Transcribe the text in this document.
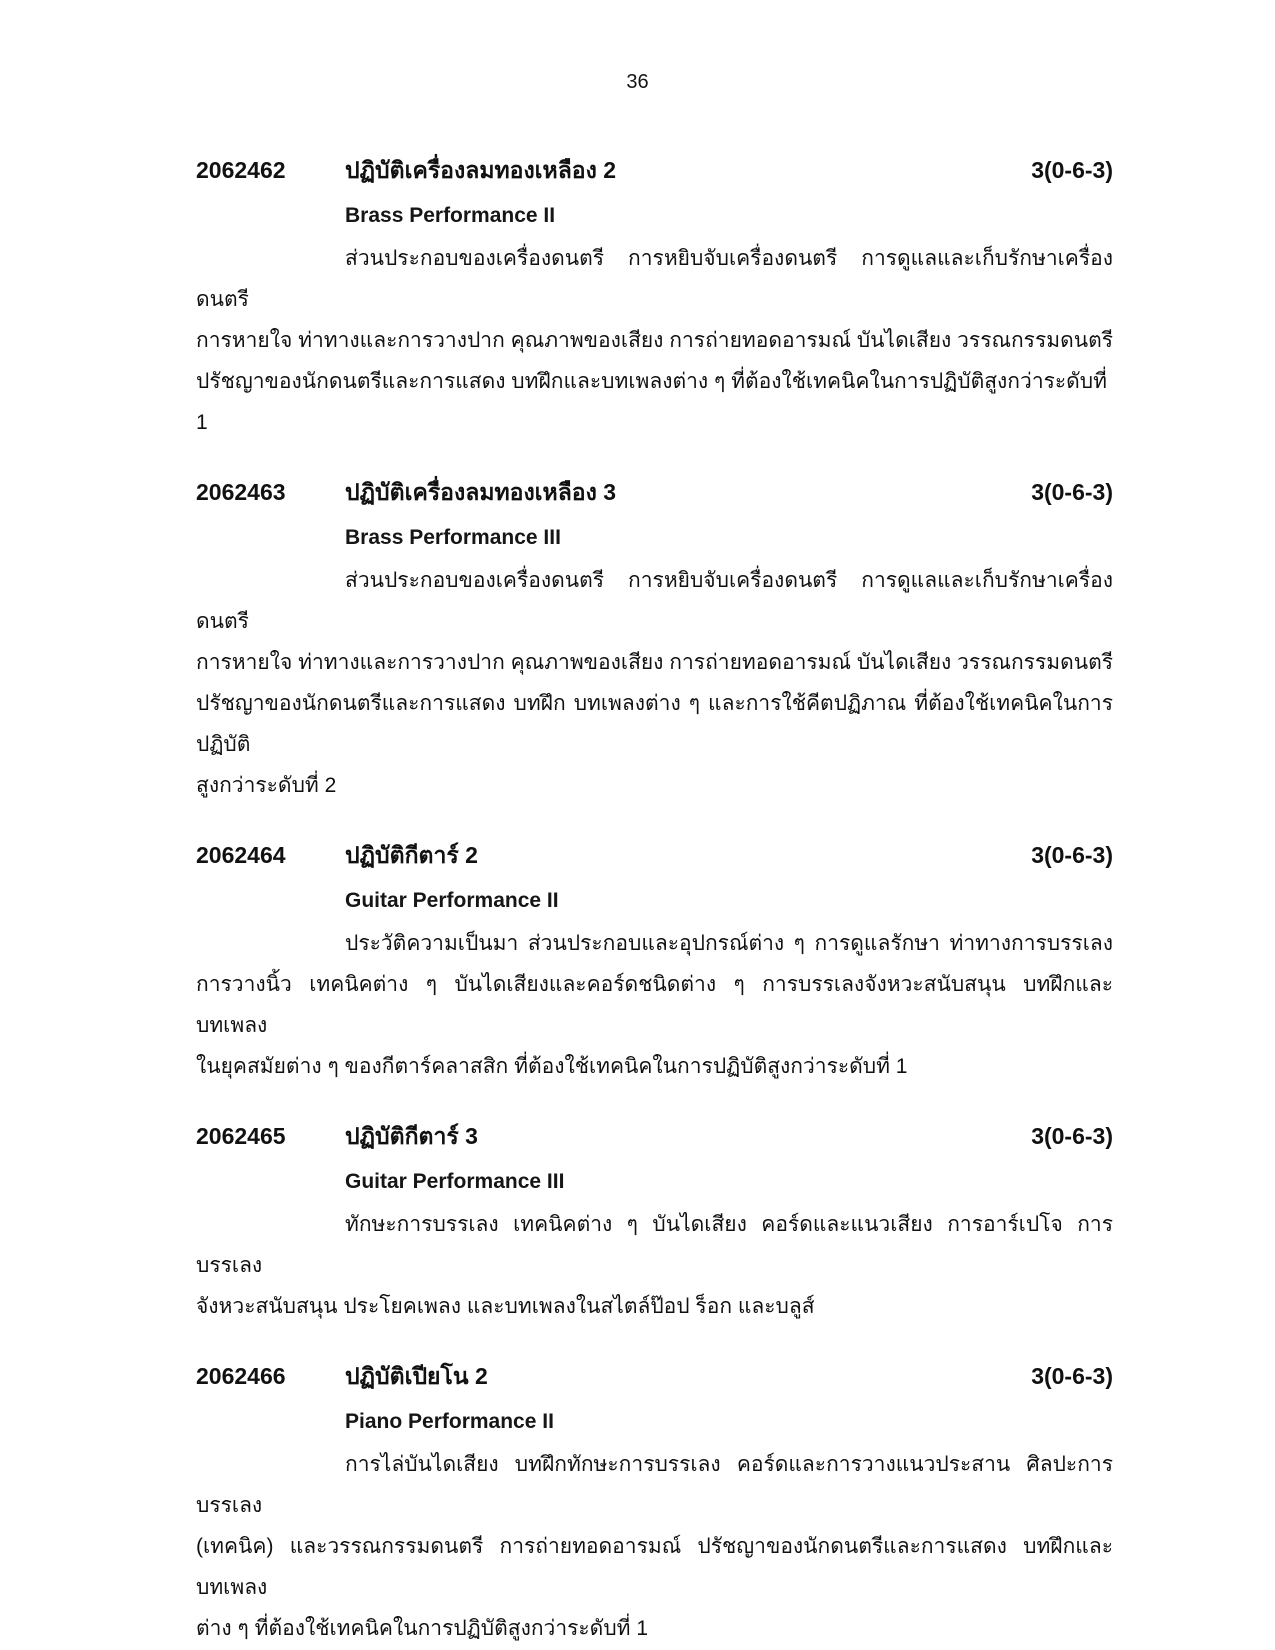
36
2062462	ปฏิบัติเครื่องลมทองเหลือง 2	3(0-6-3)
Brass Performance II
ส่วนประกอบของเครื่องดนตรี การหยิบจับเครื่องดนตรี การดูแลและเก็บรักษาเครื่องดนตรี
การหายใจ ท่าทางและการวางปาก คุณภาพของเสียง การถ่ายทอดอารมณ์ บันไดเสียง วรรณกรรมดนตรี
ปรัชญาของนักดนตรีและการแสดง บทฝึกและบทเพลงต่าง ๆ ที่ต้องใช้เทคนิคในการปฏิบัติสูงกว่าระดับที่ 1
2062463	ปฏิบัติเครื่องลมทองเหลือง 3	3(0-6-3)
Brass Performance III
ส่วนประกอบของเครื่องดนตรี การหยิบจับเครื่องดนตรี การดูแลและเก็บรักษาเครื่องดนตรี
การหายใจ ท่าทางและการวางปาก คุณภาพของเสียง การถ่ายทอดอารมณ์ บันไดเสียง วรรณกรรมดนตรี
ปรัชญาของนักดนตรีและการแสดง บทฝึก บทเพลงต่าง ๆ และการใช้คีตปฏิภาณ ที่ต้องใช้เทคนิคในการปฏิบัติ
สูงกว่าระดับที่ 2
2062464	ปฏิบัติกีตาร์ 2	3(0-6-3)
Guitar Performance II
ประวัติความเป็นมา ส่วนประกอบและอุปกรณ์ต่าง ๆ การดูแลรักษา ท่าทางการบรรเลง
การวางนิ้ว เทคนิคต่าง ๆ บันไดเสียงและคอร์ดชนิดต่าง ๆ การบรรเลงจังหวะสนับสนุน บทฝึกและบทเพลง
ในยุคสมัยต่าง ๆ ของกีตาร์คลาสสิก ที่ต้องใช้เทคนิคในการปฏิบัติสูงกว่าระดับที่ 1
2062465	ปฏิบัติกีตาร์ 3	3(0-6-3)
Guitar Performance III
ทักษะการบรรเลง เทคนิคต่าง ๆ บันไดเสียง คอร์ดและแนวเสียง การอาร์เปโจ การบรรเลง
จังหวะสนับสนุน ประโยคเพลง และบทเพลงในสไตล์ป๊อป ร็อก และบลูส์
2062466	ปฏิบัติเปียโน 2	3(0-6-3)
Piano Performance II
การไล่บันไดเสียง บทฝึกทักษะการบรรเลง คอร์ดและการวางแนวประสาน ศิลปะการบรรเลง
(เทคนิค) และวรรณกรรมดนตรี การถ่ายทอดอารมณ์ ปรัชญาของนักดนตรีและการแสดง บทฝึกและบทเพลง
ต่าง ๆ ที่ต้องใช้เทคนิคในการปฏิบัติสูงกว่าระดับที่ 1
